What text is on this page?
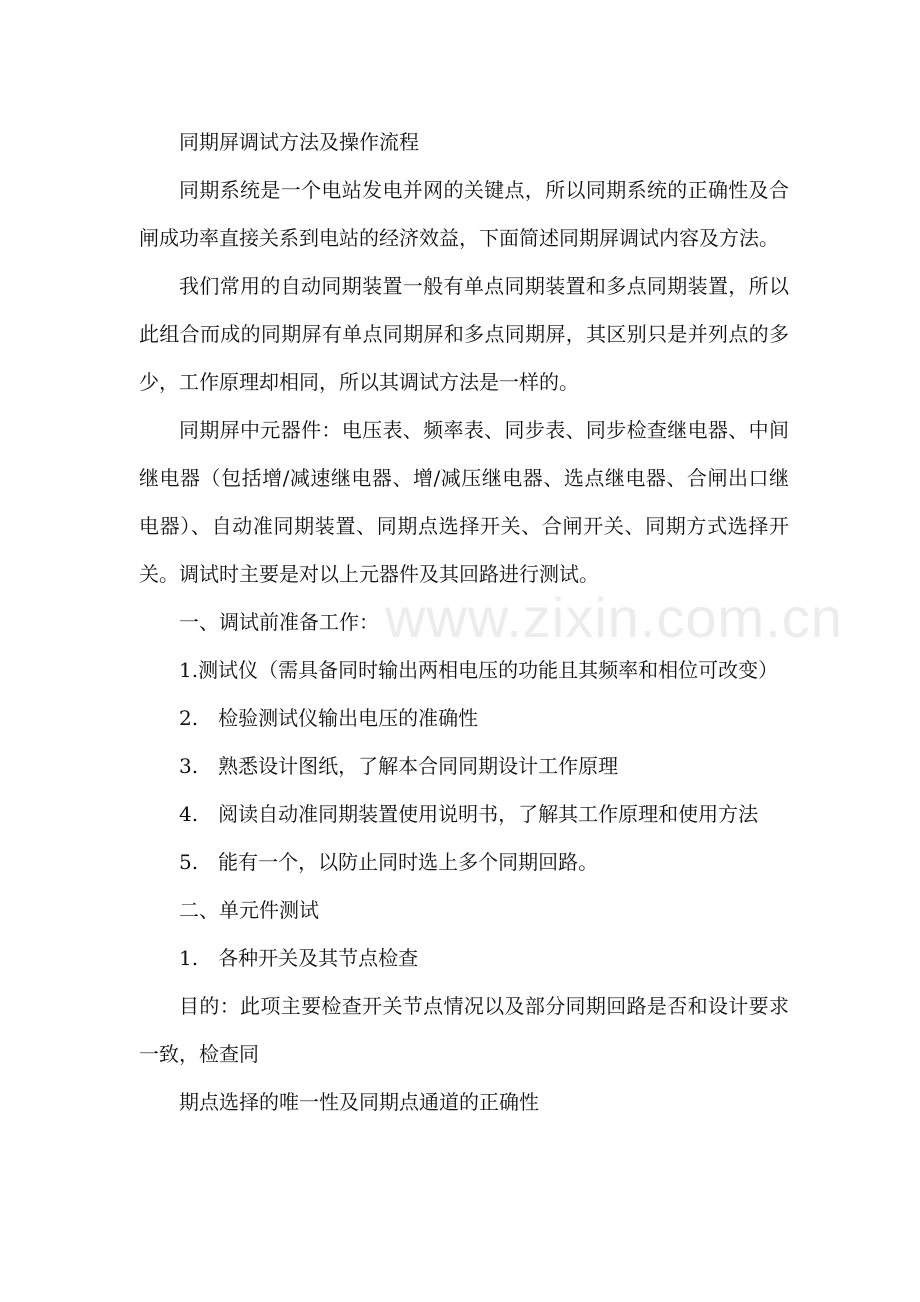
同期屏调试方法及操作流程

同期系统是一个电站发电并网的关键点，所以同期系统的正确性及合闸成功率直接关系到电站的经济效益，下面简述同期屏调试内容及方法。

我们常用的自动同期装置一般有单点同期装置和多点同期装置，所以此组合而成的同期屏有单点同期屏和多点同期屏，其区别只是并列点的多少，工作原理却相同，所以其调试方法是一样的。

同期屏中元器件：电压表、频率表、同步表、同步检查继电器、中间继电器（包括增/减速继电器、增/减压继电器、选点继电器、合闸出口继电器）、自动准同期装置、同期点选择开关、合闸开关、同期方式选择开关。调试时主要是对以上元器件及其回路进行测试。

一、调试前准备工作：

1.测试仪（需具备同时输出两相电压的功能且其频率和相位可改变）

2.　检验测试仪输出电压的准确性

3.　熟悉设计图纸，了解本合同同期设计工作原理

4.　阅读自动准同期装置使用说明书，了解其工作原理和使用方法

5.　能有一个，以防止同时选上多个同期回路。

二、单元件测试

1.　各种开关及其节点检查

目的：此项主要检查开关节点情况以及部分同期回路是否和设计要求一致，检查同

期点选择的唯一性及同期点通道的正确性

www.zixin.com.cn
